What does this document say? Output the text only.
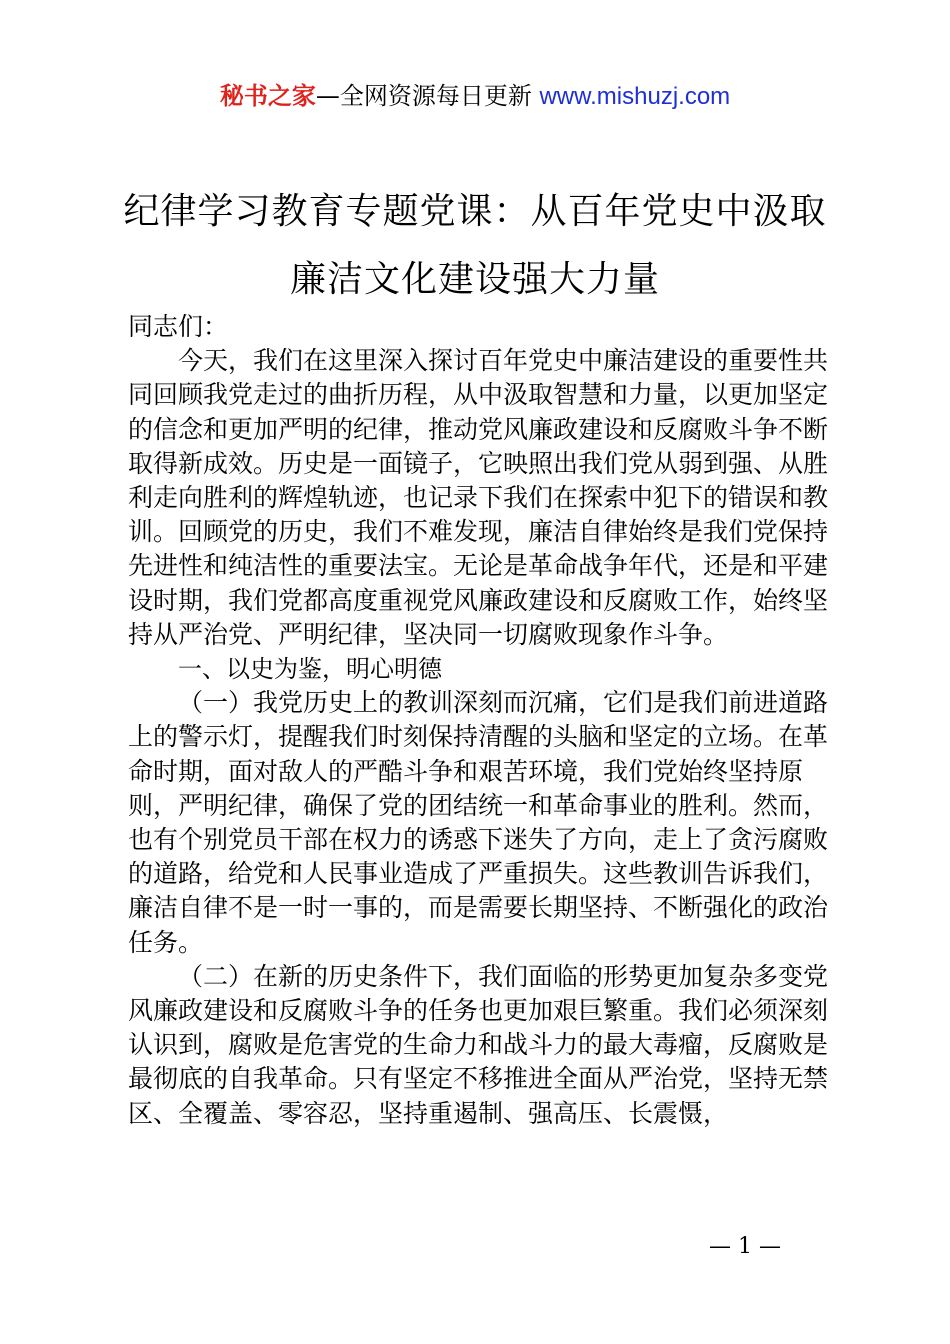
秘书之家—全网资源每日更新 www.mishuzj.com
纪律学习教育专题党课：从百年党史中汲取
廉洁文化建设强大力量

同志们：

今天，我们在这里深入探讨百年党史中廉洁建设的重要性共同回顾我党走过的曲折历程，从中汲取智慧和力量，以更加坚定的信念和更加严明的纪律，推动党风廉政建设和反腐败斗争不断取得新成效。历史是一面镜子，它映照出我们党从弱到强、从胜利走向胜利的辉煌轨迹，也记录下我们在探索中犯下的错误和教训。回顾党的历史，我们不难发现，廉洁自律始终是我们党保持先进性和纯洁性的重要法宝。无论是革命战争年代，还是和平建设时期，我们党都高度重视党风廉政建设和反腐败工作，始终坚持从严治党、严明纪律，坚决同一切腐败现象作斗争。

一、以史为鉴，明心明德

（一）我党历史上的教训深刻而沉痛，它们是我们前进道路上的警示灯，提醒我们时刻保持清醒的头脑和坚定的立场。在革命时期，面对敌人的严酷斗争和艰苦环境，我们党始终坚持原则，严明纪律，确保了党的团结统一和革命事业的胜利。然而，也有个别党员干部在权力的诱惑下迷失了方向，走上了贪污腐败的道路，给党和人民事业造成了严重损失。这些教训告诉我们，廉洁自律不是一时一事的，而是需要长期坚持、不断强化的政治任务。

（二）在新的历史条件下，我们面临的形势更加复杂多变党风廉政建设和反腐败斗争的任务也更加艰巨繁重。我们必须深刻认识到，腐败是危害党的生命力和战斗力的最大毒瘤，反腐败是最彻底的自我革命。只有坚定不移推进全面从严治党，坚持无禁区、全覆盖、零容忍，坚持重遏制、强高压、长震慑，

— 1 —
